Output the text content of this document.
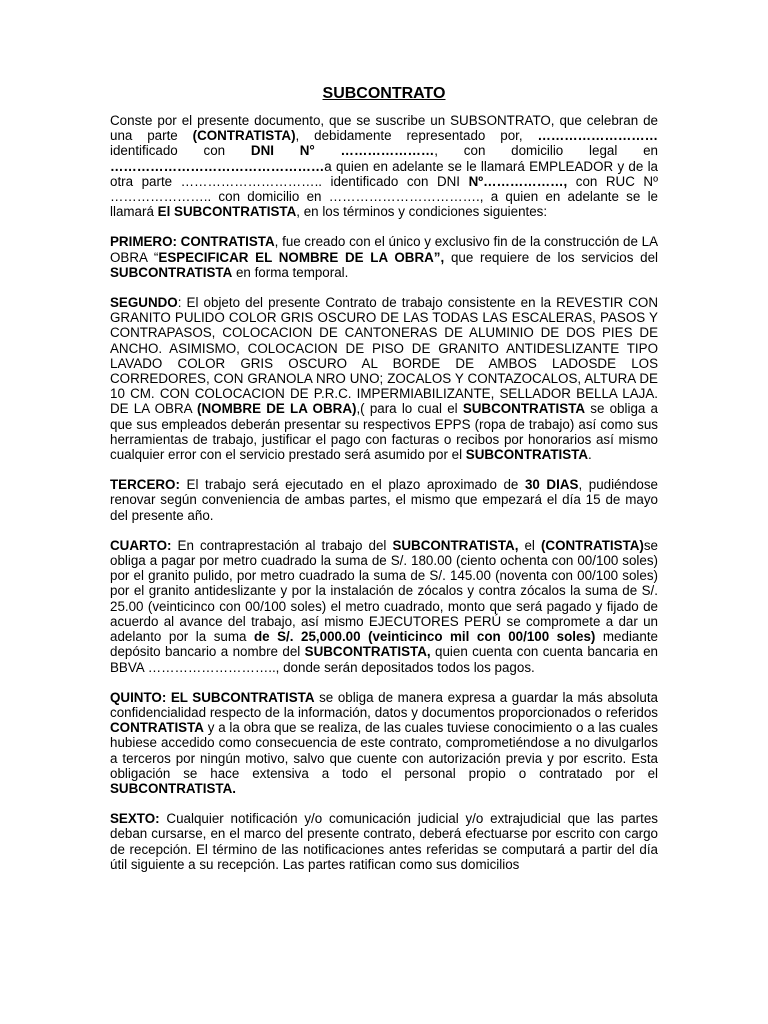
SUBCONTRATO
Conste por el presente documento, que se suscribe un SUBSONTRATO, que celebran de una parte (CONTRATISTA), debidamente representado por, ……………………… identificado con DNI N° …………………, con domicilio legal en …………………………………………a quien en adelante se le llamará EMPLEADOR y de la otra parte ………………………….. identificado con DNI Nº………………, con RUC Nº ………………….. con domicilio en ……………………………., a quien en adelante se le llamará El SUBCONTRATISTA, en los términos y condiciones siguientes:
PRIMERO: CONTRATISTA, fue creado con el único y exclusivo fin de la construcción de LA OBRA “ESPECIFICAR EL NOMBRE DE LA OBRA”, que requiere de los servicios del SUBCONTRATISTA en forma temporal.
SEGUNDO: El objeto del presente Contrato de trabajo consistente en la REVESTIR CON GRANITO PULIDO COLOR GRIS OSCURO DE LAS TODAS LAS ESCALERAS, PASOS Y CONTRAPASOS, COLOCACION DE CANTONERAS DE ALUMINIO DE DOS PIES DE ANCHO. ASIMISMO, COLOCACION DE PISO DE GRANITO ANTIDESLIZANTE TIPO LAVADO COLOR GRIS OSCURO AL BORDE DE AMBOS LADOSDE LOS CORREDORES, CON GRANOLA NRO UNO; ZOCALOS Y CONTAZOCALOS, ALTURA DE 10 CM. CON COLOCACION DE P.R.C. IMPERMIABILIZANTE, SELLADOR BELLA LAJA. DE LA OBRA (NOMBRE DE LA OBRA),( para lo cual el SUBCONTRATISTA se obliga a que sus empleados deberán presentar su respectivos EPPS (ropa de trabajo) así como sus herramientas de trabajo, justificar el pago con facturas o recibos por honorarios así mismo cualquier error con el servicio prestado será asumido por el SUBCONTRATISTA.
TERCERO: El trabajo será ejecutado en el plazo aproximado de 30 DIAS, pudiéndose renovar según conveniencia de ambas partes, el mismo que empezará el día 15 de mayo del presente año.
CUARTO: En contraprestación al trabajo del SUBCONTRATISTA, el (CONTRATISTA)se obliga a pagar por metro cuadrado la suma de S/. 180.00 (ciento ochenta con 00/100 soles) por el granito pulido, por metro cuadrado la suma de S/. 145.00 (noventa con 00/100 soles) por el granito antideslizante y por la instalación de zócalos y contra zócalos la suma de S/. 25.00 (veinticinco con 00/100 soles) el metro cuadrado, monto que será pagado y fijado de acuerdo al avance del trabajo, así mismo EJECUTORES PERÚ se compromete a dar un adelanto por la suma de S/. 25,000.00 (veinticinco mil con 00/100 soles) mediante depósito bancario a nombre del SUBCONTRATISTA, quien cuenta con cuenta bancaria en BBVA ……………………….., donde serán depositados todos los pagos.
QUINTO: EL SUBCONTRATISTA se obliga de manera expresa a guardar la más absoluta confidencialidad respecto de la información, datos y documentos proporcionados o referidos CONTRATISTA y a la obra que se realiza, de las cuales tuviese conocimiento o a las cuales hubiese accedido como consecuencia de este contrato, comprometiéndose a no divulgarlos a terceros por ningún motivo, salvo que cuente con autorización previa y por escrito. Esta obligación se hace extensiva a todo el personal propio o contratado por el SUBCONTRATISTA.
SEXTO: Cualquier notificación y/o comunicación judicial y/o extrajudicial que las partes deban cursarse, en el marco del presente contrato, deberá efectuarse por escrito con cargo de recepción. El término de las notificaciones antes referidas se computará a partir del día útil siguiente a su recepción. Las partes ratifican como sus domicilios
